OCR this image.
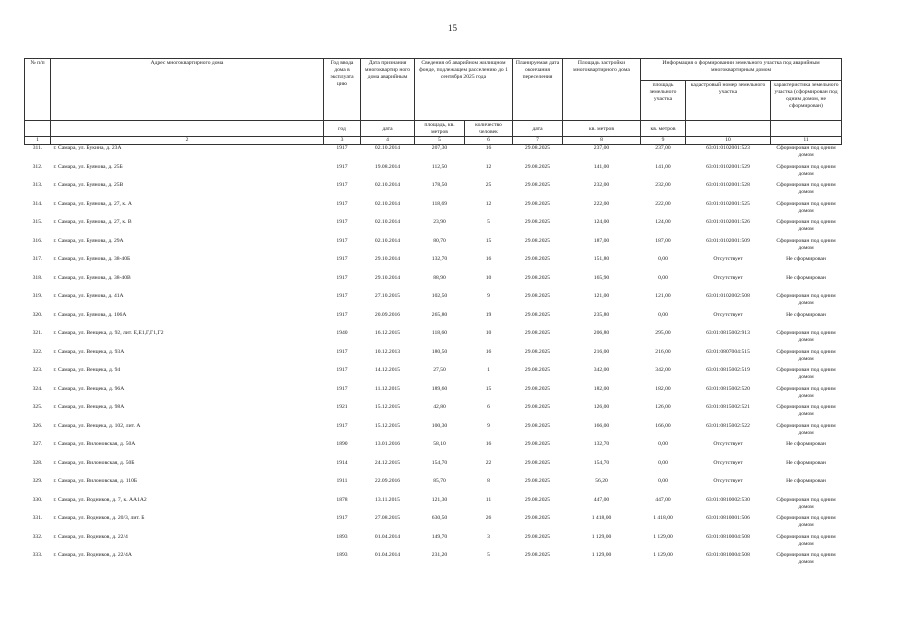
15
№ п/п	Адрес многоквартирного дома	Год ввода дома в эксплуата цию	Дата признания многоквартир ного дома аварийным	Сведения об аварийном жилищном фонде, подлежащем расселению до 1 сентября 2025 года		Планируемая дата окончания переселения	Площадь застройки многоквартирного дома	Информация о формировании земельного участка под аварийным многоквартирным домом		
								площадь земельного участка	кадастровый номер земельного участка	характеристика земельного участка (сформирован под одним домом, не сформирован)
		год	дата	площадь, кв. метров	количество человек	дата	кв. метров	кв. метров		
1	2	3	4	5	6	7	8	9	10	11
311.	г. Самара, ул. Букина, д. 23А	1917	02.10.2014	207,30	16	29.08.2025	237,00	237,00	63:01:0102001:523	Сформирован под одним домом
312.	г. Самара, ул. Буянова, д. 25Б	1917	19.08.2014	112,50	12	29.08.2025	141,00	141,00	63:01:0102001:529	Сформирован под одним домом
313.	г. Самара, ул. Буянова, д. 25В	1917	02.10.2014	178,50	25	29.08.2025	232,00	232,00	63:01:0102001:528	Сформирован под одним домом
314.	г. Самара, ул. Буянова, д. 27, к. А	1917	02.10.2014	118,69	12	29.08.2025	222,00	222,00	63:01:0102001:525	Сформирован под одним домом
315.	г. Самара, ул. Буянова, д. 27, к. В	1917	02.10.2014	23,90	5	29.08.2025	124,00	124,00	63:01:0102001:526	Сформирован под одним домом
316.	г. Самара, ул. Буянова, д. 29А	1917	02.10.2014	80,70	15	29.08.2025	187,00	187,00	63:01:0102001:509	Сформирован под одним домом
317.	г. Самара, ул. Буянова, д. 38-40Б	1917	29.10.2014	132,70	16	29.08.2025	151,80	0,00	Отсутствует	Не сформирован
318.	г. Самара, ул. Буянова, д. 38-40В	1917	29.10.2014	88,90	10	29.08.2025	165,90	0,00	Отсутствует	Не сформирован
319.	г. Самара, ул. Буянова, д. 41А	1917	27.10.2015	102,50	9	29.08.2025	121,00	121,00	63:01:0102002:508	Сформирован под одним домом
320.	г. Самара, ул. Буянова, д. 106А	1917	20.09.2016	265,80	19	29.08.2025	235,80	0,00	Отсутствует	Не сформирован
321.	г. Самара, ул. Венцека, д. 92, лит. Е,Е1,Г,Г1,Г2	1940	16.12.2015	118,60	10	29.08.2025	206,80	295,00	63:01:0815002:913	Сформирован под одним домом
322.	г. Самара, ул. Венцека, д. 93А	1917	10.12.2013	180,50	16	29.08.2025	216,00	216,00	63:01:0807004:515	Сформирован под одним домом
323.	г. Самара, ул. Венцека, д. 94	1917	14.12.2015	27,50	1	29.08.2025	342,00	342,00	63:01:0815002:519	Сформирован под одним домом
324.	г. Самара, ул. Венцека, д. 96А	1917	11.12.2015	189,60	15	29.08.2025	182,00	182,00	63:01:0815002:520	Сформирован под одним домом
325.	г. Самара, ул. Венцека, д. 98А	1921	15.12.2015	42,80	6	29.08.2025	126,00	126,00	63:01:0815002:521	Сформирован под одним домом
326.	г. Самара, ул. Венцека, д. 102, лит. А	1917	15.12.2015	100,30	9	29.08.2025	166,00	166,00	63:01:0815002:522	Сформирован под одним домом
327.	г. Самара, ул. Вилоновская, д. 50А	1890	13.01.2016	58,10	16	29.08.2025	132,70	0,00	Отсутствует	Не сформирован
328.	г. Самара, ул. Вилоновская, д. 50Б	1914	24.12.2015	154,70	22	29.08.2025	154,70	0,00	Отсутствует	Не сформирован
329.	г. Самара, ул. Вилоновская, д. 110Б	1911	22.09.2016	85,70	8	29.08.2025	56,20	0,00	Отсутствует	Не сформирован
330.	г. Самара, ул. Водников, д. 7, к. АА1А2	1878	13.11.2015	121,30	11	29.08.2025	447,00	447,00	63:01:0810002:530	Сформирован под одним домом
331.	г. Самара, ул. Водников, д. 20/3, лит. Б	1917	27.08.2015	630,50	26	29.08.2025	1 418,00	1 418,00	63:01:0810001:506	Сформирован под одним домом
332.	г. Самара, ул. Водников, д. 22/4	1893	01.04.2014	149,70	3	29.08.2025	1 129,00	1 129,00	63:01:0810004:508	Сформирован под одним домом
333.	г. Самара, ул. Водников, д. 22/4А	1893	01.04.2014	231,20	5	29.08.2025	1 129,00	1 129,00	63:01:0810004:508	Сформирован под одним домом
